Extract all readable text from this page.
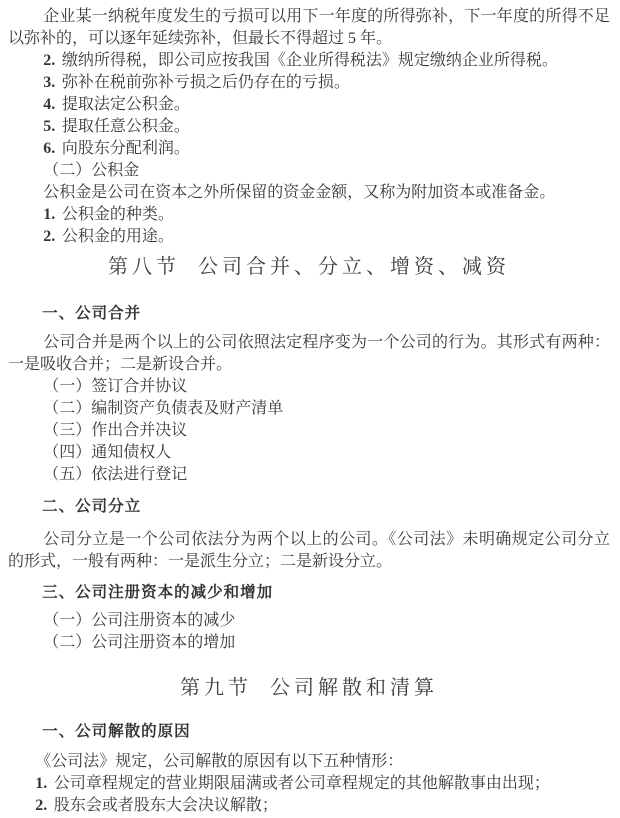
企业某一纳税年度发生的亏损可以用下一年度的所得弥补，下一年度的所得不足以弥补的，可以逐年延续弥补，但最长不得超过 5 年。

2. 缴纳所得税，即公司应按我国《企业所得税法》规定缴纳企业所得税。

3. 弥补在税前弥补亏损之后仍存在的亏损。

4. 提取法定公积金。

5. 提取任意公积金。

6. 向股东分配利润。

（二）公积金

公积金是公司在资本之外所保留的资金金额，又称为附加资本或准备金。

1. 公积金的种类。

2. 公积金的用途。

第八节 公司合并、分立、增资、减资

一、公司合并

公司合并是两个以上的公司依照法定程序变为一个公司的行为。其形式有两种：一是吸收合并；二是新设合并。

（一）签订合并协议

（二）编制资产负债表及财产清单

（三）作出合并决议

（四）通知债权人

（五）依法进行登记

二、公司分立

公司分立是一个公司依法分为两个以上的公司。《公司法》未明确规定公司分立的形式，一般有两种：一是派生分立；二是新设分立。

三、公司注册资本的减少和增加

（一）公司注册资本的减少

（二）公司注册资本的增加

第九节 公司解散和清算

一、公司解散的原因

《公司法》规定，公司解散的原因有以下五种情形：

1. 公司章程规定的营业期限届满或者公司章程规定的其他解散事由出现；

2. 股东会或者股东大会决议解散；
